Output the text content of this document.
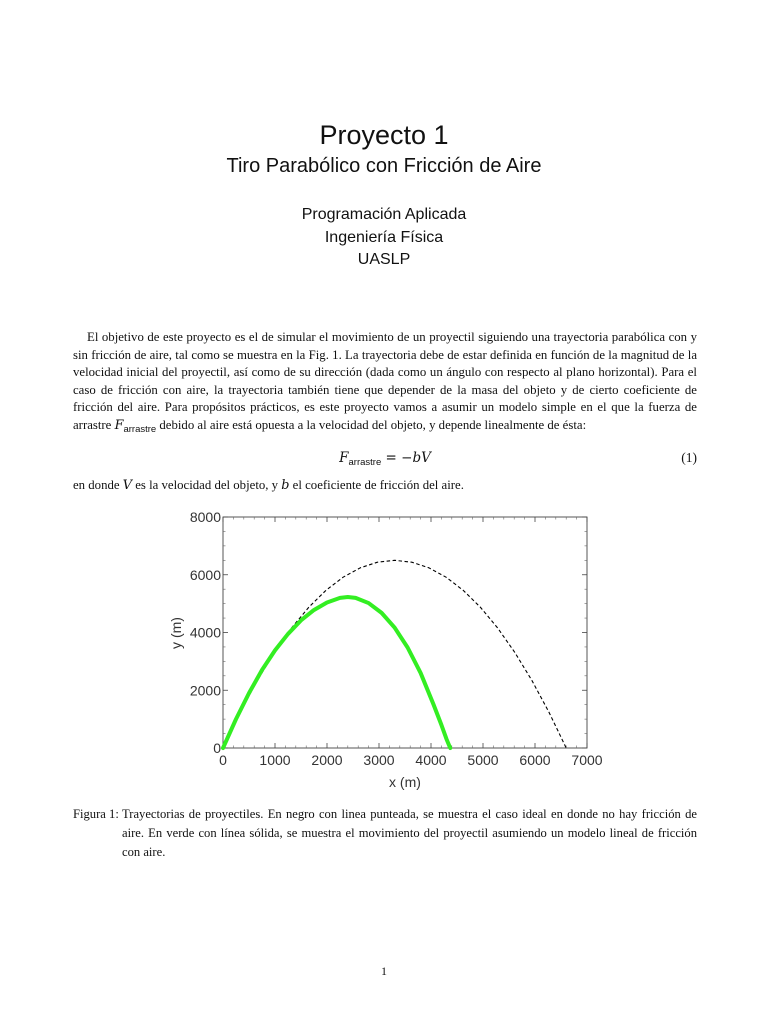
Proyecto 1
Tiro Parabólico con Fricción de Aire
Programación Aplicada
Ingeniería Física
UASLP
El objetivo de este proyecto es el de simular el movimiento de un proyectil siguiendo una trayectoria parabólica con y sin fricción de aire, tal como se muestra en la Fig. 1. La trayectoria debe de estar definida en función de la magnitud de la velocidad inicial del proyectil, así como de su dirección (dada como un ángulo con respecto al plano horizontal). Para el caso de fricción con aire, la trayectoria también tiene que depender de la masa del objeto y de cierto coeficiente de fricción del aire. Para propósitos prácticos, es este proyecto vamos a asumir un modelo simple en el que la fuerza de arrastre $F_{arrastre}$ debido al aire está opuesta a la velocidad del objeto, y depende linealmente de ésta:
$F_{arrastre} = -bV$	(1)
en donde V es la velocidad del objeto, y b el coeficiente de fricción del aire.
0 1000 2000 3000 4000 5000 6000 7000
0
2000
4000
6000
8000
x (m)
y (m)
Figura 1: Trayectorias de proyectiles. En negro con linea punteada, se muestra el caso ideal en donde no hay fricción de aire. En verde con línea sólida, se muestra el movimiento del proyectil asumiendo un modelo lineal de fricción con aire.
1
